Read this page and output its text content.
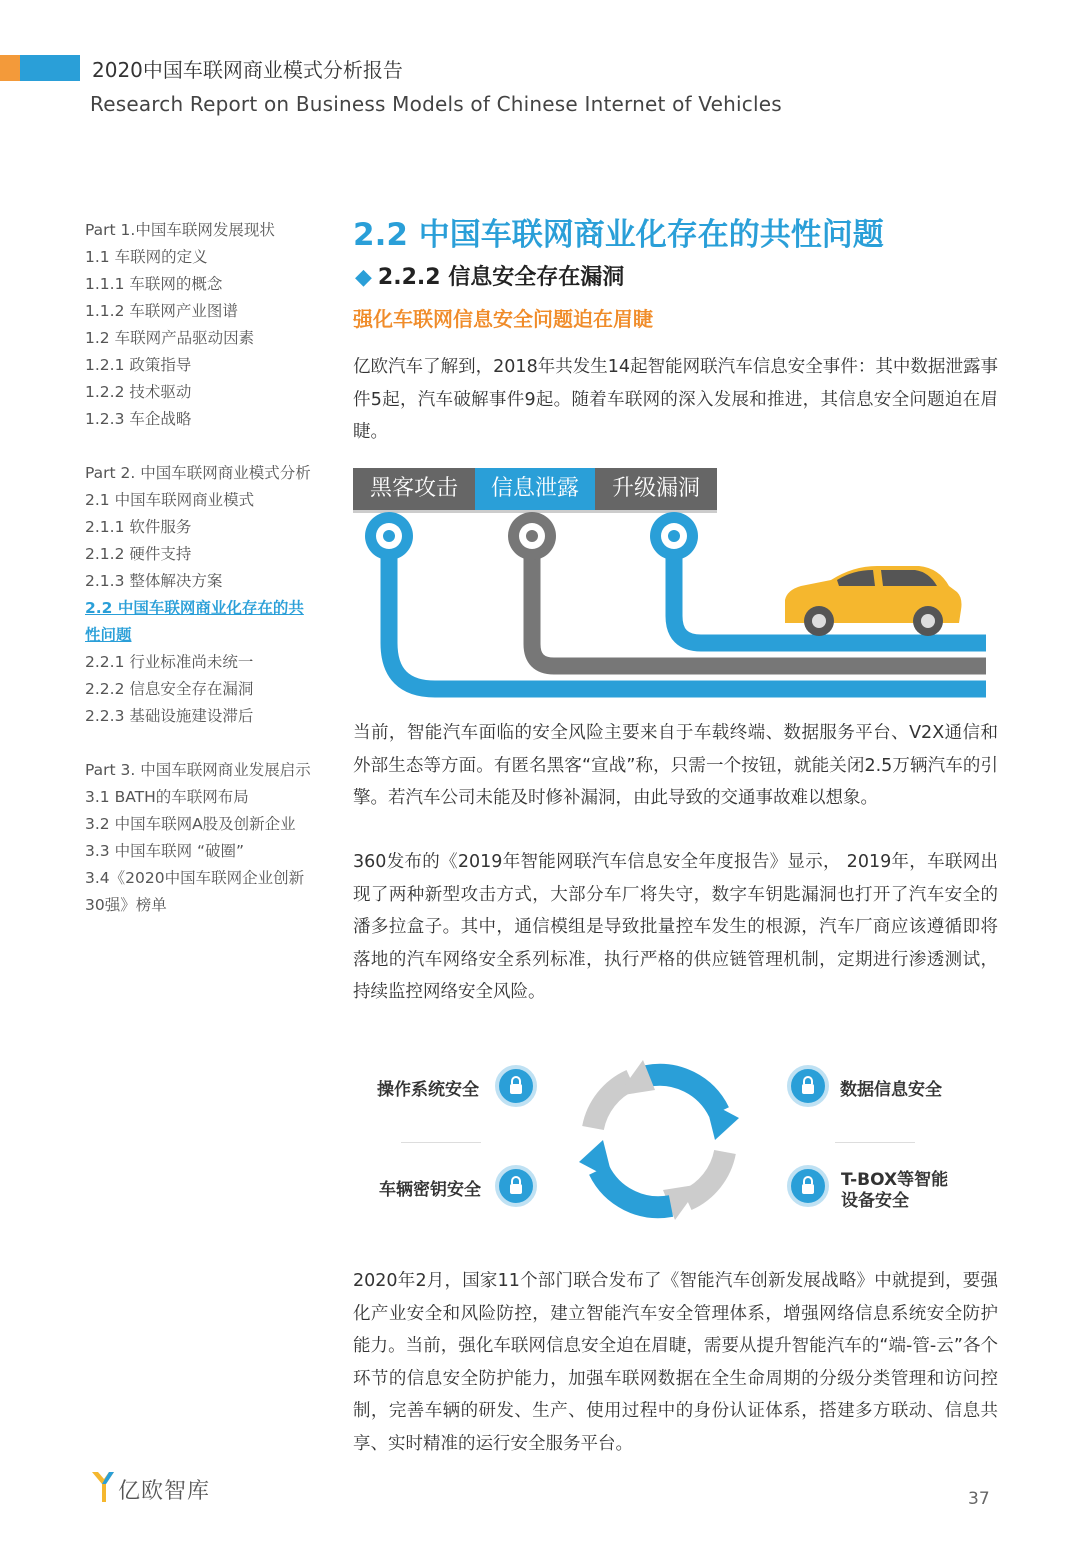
2020中国车联网商业模式分析报告
Research Report on Business Models of Chinese Internet of Vehicles
Part 1.中国车联网发展现状
1.1 车联网的定义
1.1.1 车联网的概念
1.1.2 车联网产业图谱
1.2 车联网产品驱动因素
1.2.1 政策指导
1.2.2 技术驱动
1.2.3 车企战略
Part 2. 中国车联网商业模式分析
2.1 中国车联网商业模式
2.1.1 软件服务
2.1.2 硬件支持
2.1.3 整体解决方案
2.2 中国车联网商业化存在的共
性问题
2.2.1 行业标准尚未统一
2.2.2 信息安全存在漏洞
2.2.3 基础设施建设滞后
Part 3. 中国车联网商业发展启示
3.1 BATH的车联网布局
3.2 中国车联网A股及创新企业
3.3 中国车联网 “破圈”
3.4《2020中国车联网企业创新
30强》榜单
2.2 中国车联网商业化存在的共性问题
◆ 2.2.2 信息安全存在漏洞
强化车联网信息安全问题迫在眉睫
亿欧汽车了解到，2018年共发生14起智能网联汽车信息安全事件：其中数据泄露事件5起，汽车破解事件9起。随着车联网的深入发展和推进，其信息安全问题迫在眉睫。
黑客攻击	信息泄露	升级漏洞
当前，智能汽车面临的安全风险主要来自于车载终端、数据服务平台、V2X通信和外部生态等方面。有匿名黑客“宣战”称，只需一个按钮，就能关闭2.5万辆汽车的引擎。若汽车公司未能及时修补漏洞，由此导致的交通事故难以想象。
360发布的《2019年智能网联汽车信息安全年度报告》显示， 2019年，车联网出现了两种新型攻击方式，大部分车厂将失守，数字车钥匙漏洞也打开了汽车安全的潘多拉盒子。其中，通信模组是导致批量控车发生的根源，汽车厂商应该遵循即将落地的汽车网络安全系列标准，执行严格的供应链管理机制，定期进行渗透测试，持续监控网络安全风险。
操作系统安全	数据信息安全
车辆密钥安全	T-BOX等智能
设备安全
2020年2月，国家11个部门联合发布了《智能汽车创新发展战略》中就提到，要强化产业安全和风险防控，建立智能汽车安全管理体系，增强网络信息系统安全防护能力。当前，强化车联网信息安全迫在眉睫，需要从提升智能汽车的“端-管-云”各个环节的信息安全防护能力，加强车联网数据在全生命周期的分级分类管理和访问控制，完善车辆的研发、生产、使用过程中的身份认证体系，搭建多方联动、信息共享、实时精准的运行安全服务平台。
亿欧智库	37
